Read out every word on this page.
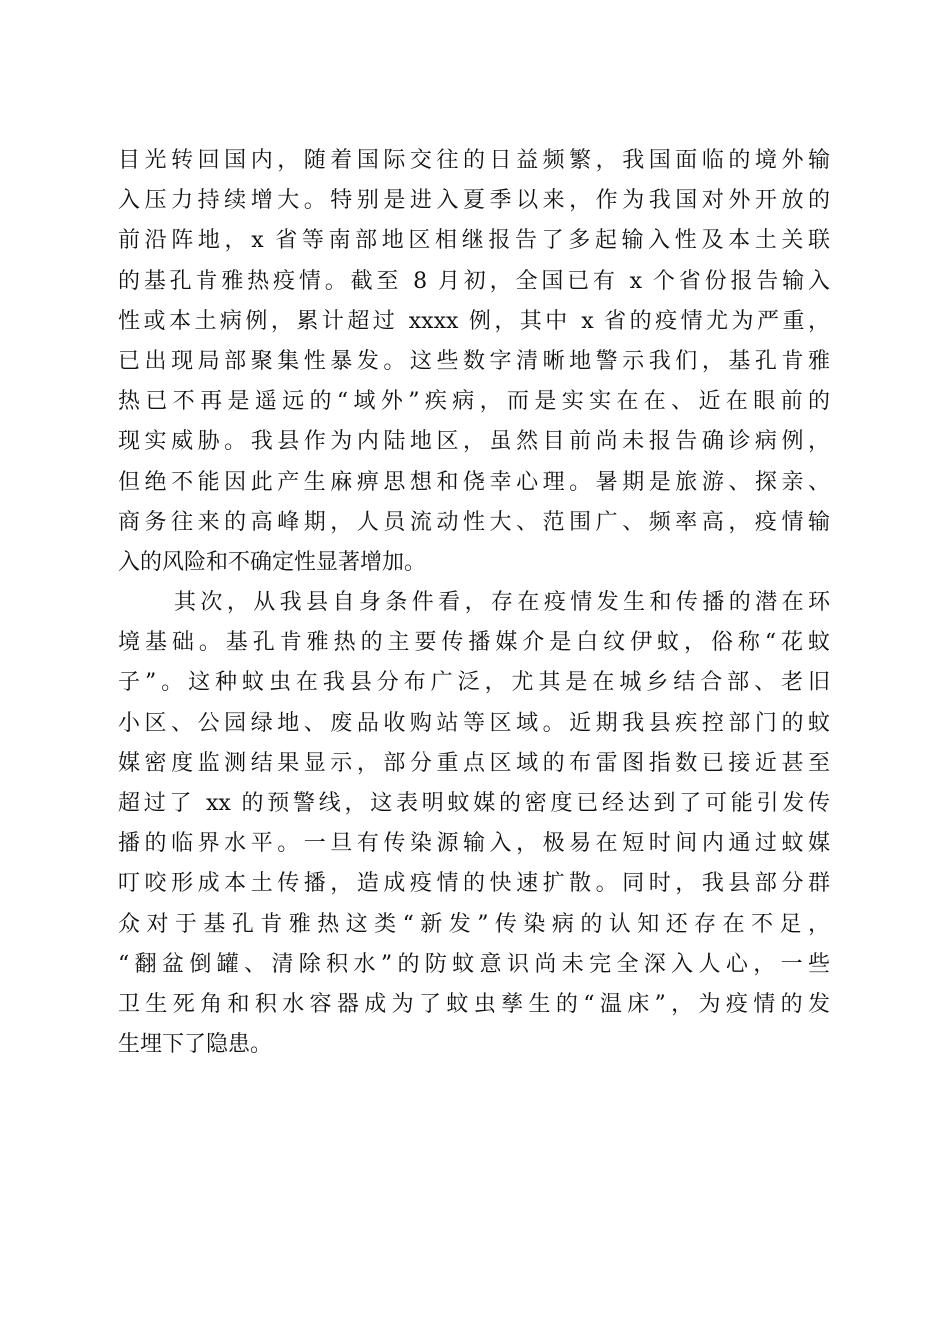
目光转回国内，随着国际交往的日益频繁，我国面临的境外输
入压力持续增大。特别是进入夏季以来，作为我国对外开放的
前沿阵地，x 省等南部地区相继报告了多起输入性及本土关联
的基孔肯雅热疫情。截至 8 月初，全国已有 x 个省份报告输入
性或本土病例，累计超过 xxxx 例，其中 x 省的疫情尤为严重，
已出现局部聚集性暴发。这些数字清晰地警示我们，基孔肯雅
热已不再是遥远的“域外”疾病，而是实实在在、近在眼前的
现实威胁。我县作为内陆地区，虽然目前尚未报告确诊病例，
但绝不能因此产生麻痹思想和侥幸心理。暑期是旅游、探亲、
商务往来的高峰期，人员流动性大、范围广、频率高，疫情输
入的风险和不确定性显著增加。
其次，从我县自身条件看，存在疫情发生和传播的潜在环
境基础。基孔肯雅热的主要传播媒介是白纹伊蚊，俗称“花蚊
子”。这种蚊虫在我县分布广泛，尤其是在城乡结合部、老旧
小区、公园绿地、废品收购站等区域。近期我县疾控部门的蚊
媒密度监测结果显示，部分重点区域的布雷图指数已接近甚至
超过了 xx 的预警线，这表明蚊媒的密度已经达到了可能引发传
播的临界水平。一旦有传染源输入，极易在短时间内通过蚊媒
叮咬形成本土传播，造成疫情的快速扩散。同时，我县部分群
众对于基孔肯雅热这类“新发”传染病的认知还存在不足，
“翻盆倒罐、清除积水”的防蚊意识尚未完全深入人心，一些
卫生死角和积水容器成为了蚊虫孳生的“温床”，为疫情的发
生埋下了隐患。
